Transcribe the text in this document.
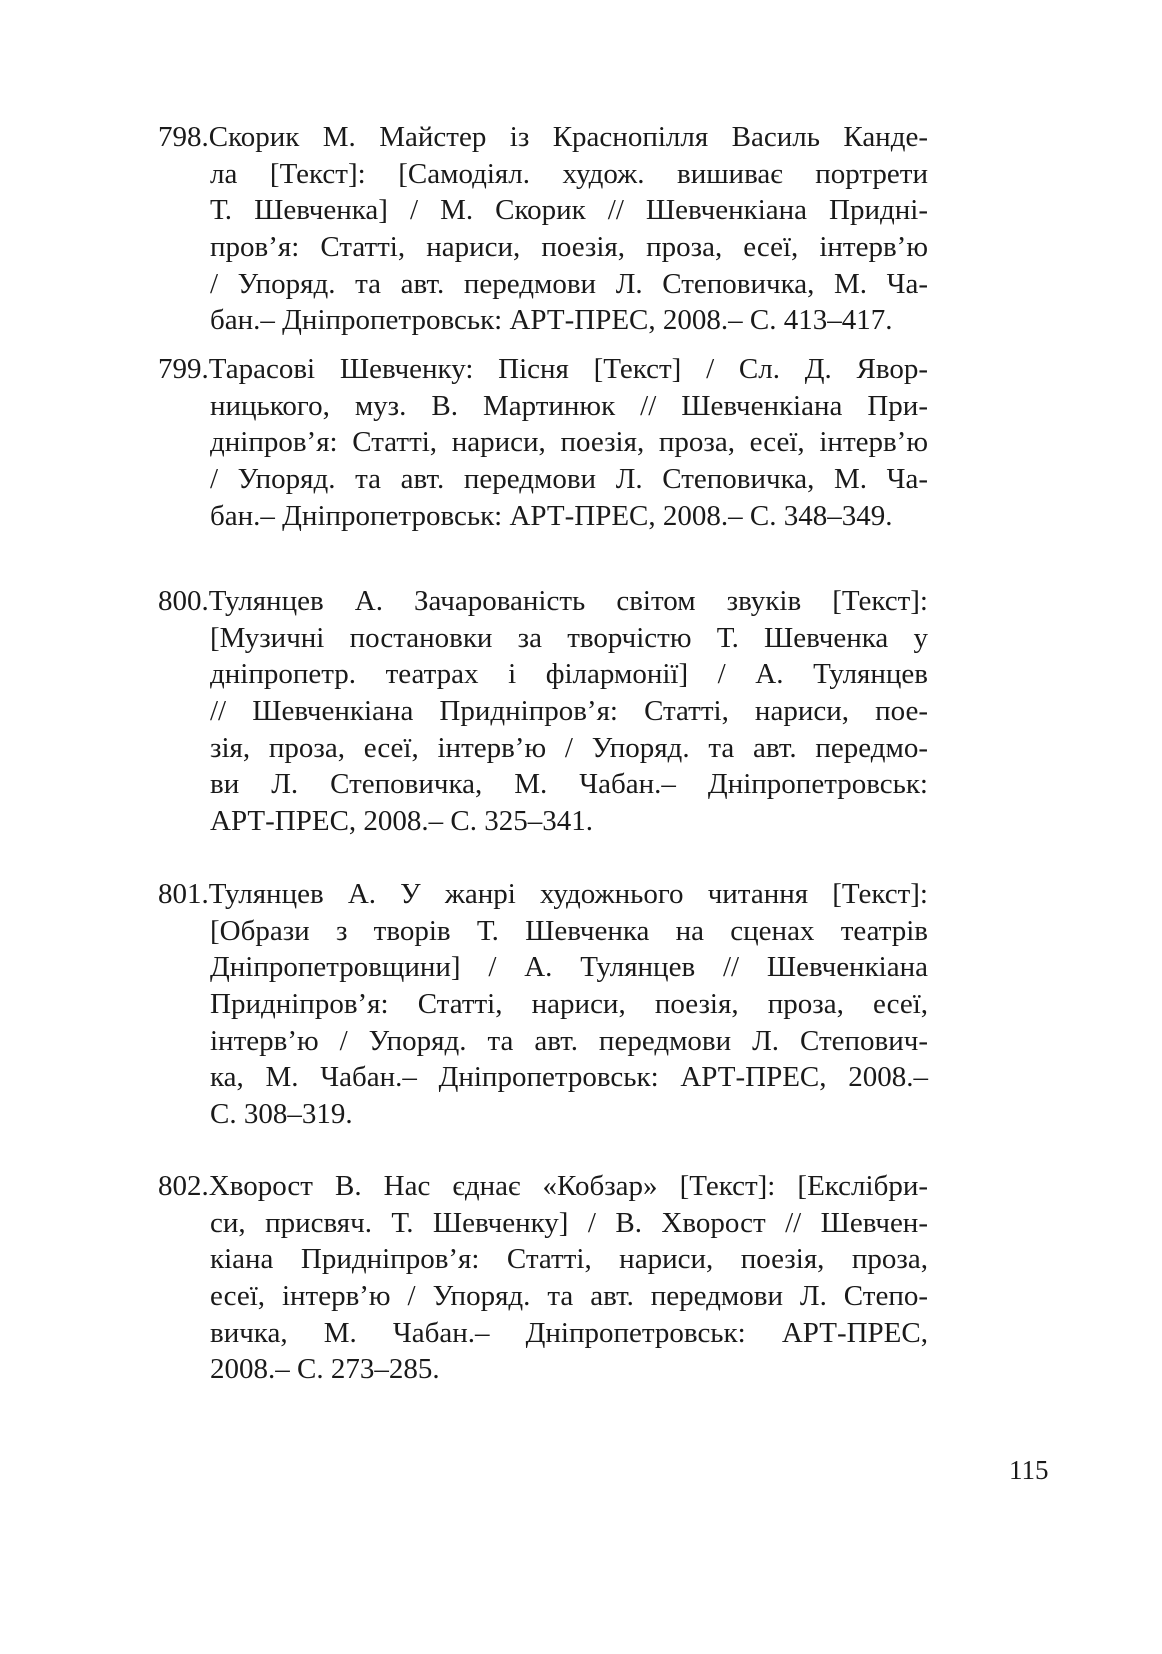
798.Скорик М. Майстер із Краснопілля Василь Канде-
ла [Текст]: [Самодіял. худож. вишиває портрети
Т. Шевченка] / М. Скорик // Шевченкіана Придні-
пров’я: Статті, нариси, поезія, проза, есеї, інтерв’ю
/ Упоряд. та авт. передмови Л. Степовичка, М. Ча-
бан.– Дніпропетровськ: АРТ-ПРЕС, 2008.– С. 413–417.
799.Тарасові Шевченку: Пісня [Текст] / Сл. Д. Явор-
ницького, муз. В. Мартинюк // Шевченкіана При-
дніпров’я: Статті, нариси, поезія, проза, есеї, інтерв’ю
/ Упоряд. та авт. передмови Л. Степовичка, М. Ча-
бан.– Дніпропетровськ: АРТ-ПРЕС, 2008.– С. 348–349.
800.Тулянцев А. Зачарованість світом звуків [Текст]:
[Музичні постановки за творчістю Т. Шевченка у
дніпропетр. театрах і філармонії] / А. Тулянцев
// Шевченкіана Придніпров’я: Статті, нариси, пое-
зія, проза, есеї, інтерв’ю / Упоряд. та авт. передмо-
ви Л. Степовичка, М. Чабан.– Дніпропетровськ:
АРТ-ПРЕС, 2008.– С. 325–341.
801.Тулянцев А. У жанрі художнього читання [Текст]:
[Образи з творів Т. Шевченка на сценах театрів
Дніпропетровщини] / А. Тулянцев // Шевченкіана
Придніпров’я: Статті, нариси, поезія, проза, есеї,
інтерв’ю / Упоряд. та авт. передмови Л. Степович-
ка, М. Чабан.– Дніпропетровськ: АРТ-ПРЕС, 2008.–
С. 308–319.
802.Хворост В. Нас єднає «Кобзар» [Текст]: [Екслібри-
си, присвяч. Т. Шевченку] / В. Хворост // Шевчен-
кіана Придніпров’я: Статті, нариси, поезія, проза,
есеї, інтерв’ю / Упоряд. та авт. передмови Л. Степо-
вичка, М. Чабан.– Дніпропетровськ: АРТ-ПРЕС,
2008.– С. 273–285.
115
